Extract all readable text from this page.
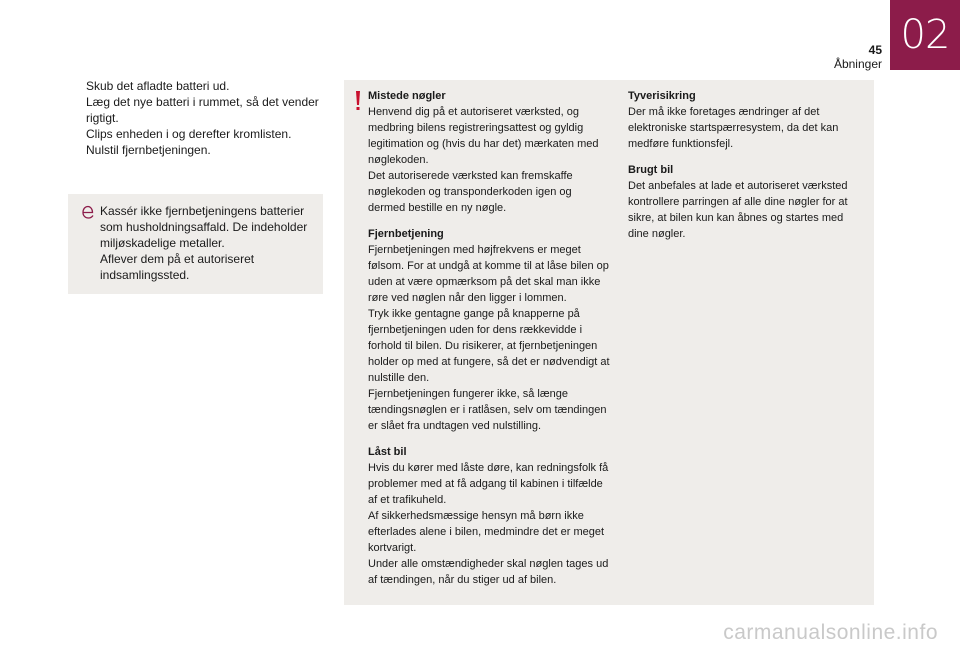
45
Åbninger
02
Skub det afladte batteri ud.
Læg det nye batteri i rummet, så det vender rigtigt.
Clips enheden i og derefter kromlisten.
Nulstil fjernbetjeningen.
Kassér ikke fjernbetjeningens batterier som husholdningsaffald. De indeholder miljøskadelige metaller.
Aflever dem på et autoriseret indsamlingssted.
Mistede nøgler

Henvend dig på et autoriseret værksted, og medbring bilens registreringsattest og gyldig legitimation og (hvis du har det) mærkaten med nøglekoden.

Det autoriserede værksted kan fremskaffe nøglekoden og transponderkoden igen og dermed bestille en ny nøgle.

Fjernbetjening

Fjernbetjeningen med højfrekvens er meget følsom. For at undgå at komme til at låse bilen op uden at være opmærksom på det skal man ikke røre ved nøglen når den ligger i lommen.

Tryk ikke gentagne gange på knapperne på fjernbetjeningen uden for dens rækkevidde i forhold til bilen. Du risikerer, at fjernbetjeningen holder op med at fungere, så det er nødvendigt at nulstille den.

Fjernbetjeningen fungerer ikke, så længe tændingsnøglen er i ratlåsen, selv om tændingen er slået fra undtagen ved nulstilling.

Låst bil

Hvis du kører med låste døre, kan redningsfolk få problemer med at få adgang til kabinen i tilfælde af et trafikuheld.

Af sikkerhedsmæssige hensyn må børn ikke efterlades alene i bilen, medmindre det er meget kortvarigt.

Under alle omstændigheder skal nøglen tages ud af tændingen, når du stiger ud af bilen.

Tyverisikring

Der må ikke foretages ændringer af det elektroniske startspærresystem, da det kan medføre funktionsfejl.

Brugt bil

Det anbefales at lade et autoriseret værksted kontrollere parringen af alle dine nøgler for at sikre, at bilen kun kan åbnes og startes med dine nøgler.

carmanualsonline.info
